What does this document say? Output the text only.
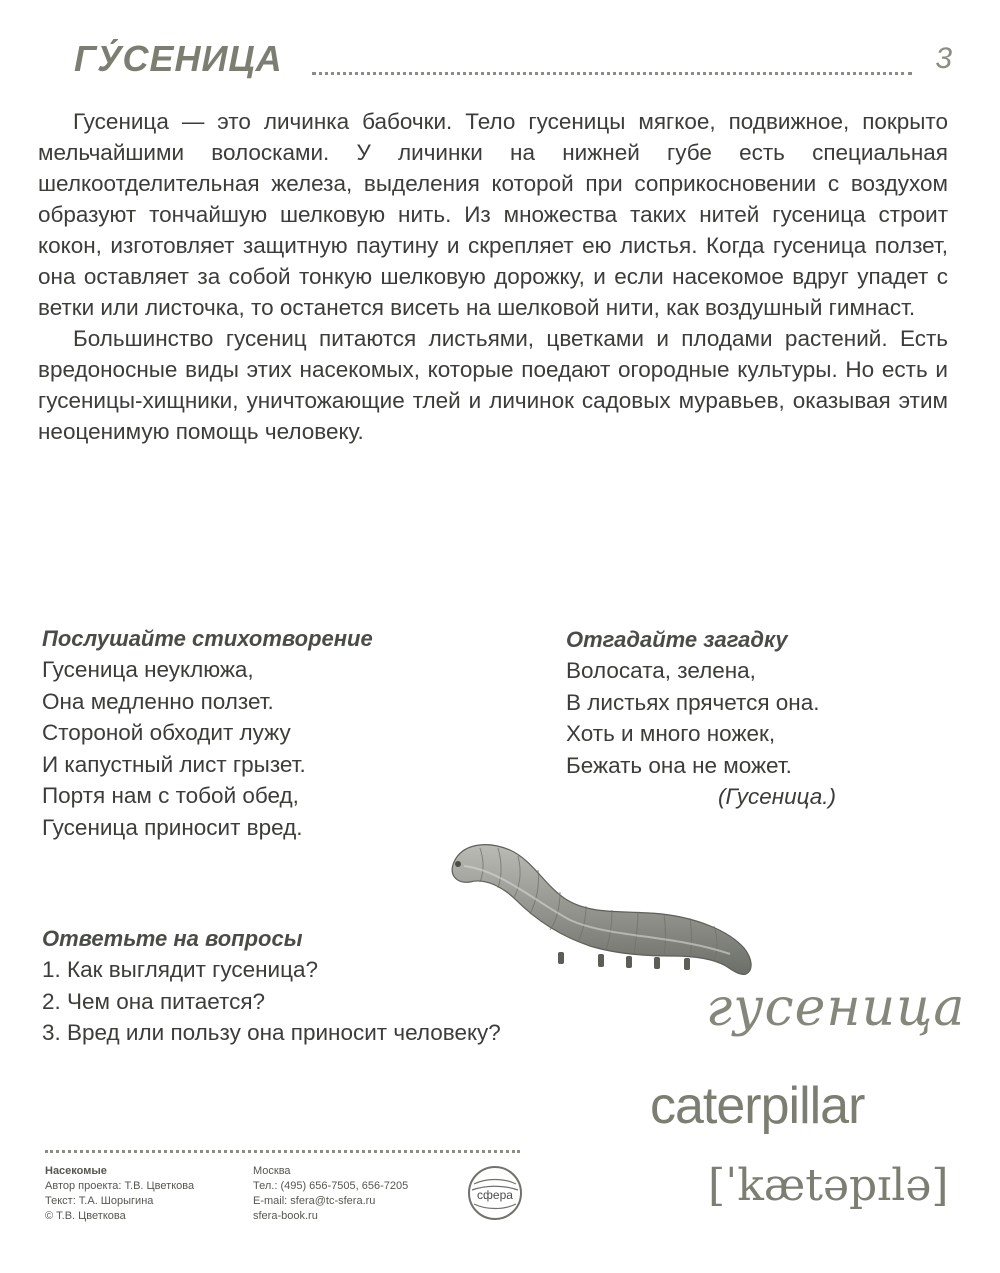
ГУ́СЕНИЦА	3

Гусеница — это личинка бабочки. Тело гусеницы мягкое, подвижное, покрыто мельчайшими волосками. У личинки на нижней губе есть специальная шелкоотделительная железа, выделения которой при соприкосновении с воздухом образуют тончайшую шелковую нить. Из множества таких нитей гусеница строит кокон, изготовляет защитную паутину и скрепляет ею листья. Когда гусеница ползет, она оставляет за собой тонкую шелковую дорожку, и если насекомое вдруг упадет с ветки или листочка, то останется висеть на шелковой нити, как воздушный гимнаст.

Большинство гусениц питаются листьями, цветками и плодами растений. Есть вредоносные виды этих насекомых, которые поедают огородные культуры. Но есть и гусеницы-хищники, уничтожающие тлей и личинок садовых муравьев, оказывая этим неоценимую помощь человеку.

Послушайте стихотворение

Гусеница неуклюжа,
Она медленно ползет.
Стороной обходит лужу
И капустный лист грызет.
Портя нам с тобой обед,
Гусеница приносит вред.

Отгадайте загадку

Волосата, зелена,
В листьях прячется она.
Хоть и много ножек,
Бежать она не может.
(Гусеница.)

Ответьте на вопросы

1. Как выглядит гусеница?
2. Чем она питается?
3. Вред или пользу она приносит человеку?	гусеница
caterpillar
[ˈkætəpɪlə]
Насекомые
Автор проекта: Т.В. Цветкова
Текст: Т.А. Шорыгина
© Т.В. Цветкова
Москва
Тел.: (495) 656-7505, 656-7205
E-mail: sfera@tc-sfera.ru
sfera-book.ru
сфера
